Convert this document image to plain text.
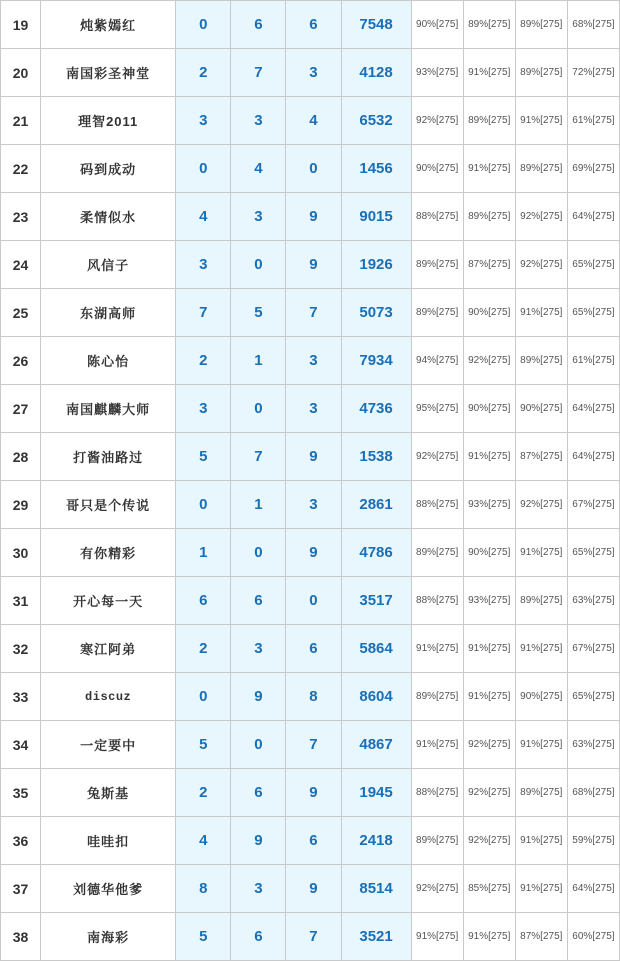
19	炖紫嫣红	0	6	6	7548	90%[275]	89%[275]	89%[275]	68%[275]
20	南国彩圣神堂	2	7	3	4128	93%[275]	91%[275]	89%[275]	72%[275]
21	理智2011	3	3	4	6532	92%[275]	89%[275]	91%[275]	61%[275]
22	码到成动	0	4	0	1456	90%[275]	91%[275]	89%[275]	69%[275]
23	柔情似水	4	3	9	9015	88%[275]	89%[275]	92%[275]	64%[275]
24	风信子	3	0	9	1926	89%[275]	87%[275]	92%[275]	65%[275]
25	东湖高师	7	5	7	5073	89%[275]	90%[275]	91%[275]	65%[275]
26	陈心怡	2	1	3	7934	94%[275]	92%[275]	89%[275]	61%[275]
27	南国麒麟大师	3	0	3	4736	95%[275]	90%[275]	90%[275]	64%[275]
28	打酱油路过	5	7	9	1538	92%[275]	91%[275]	87%[275]	64%[275]
29	哥只是个传说	0	1	3	2861	88%[275]	93%[275]	92%[275]	67%[275]
30	有你精彩	1	0	9	4786	89%[275]	90%[275]	91%[275]	65%[275]
31	开心每一天	6	6	0	3517	88%[275]	93%[275]	89%[275]	63%[275]
32	寒江阿弟	2	3	6	5864	91%[275]	91%[275]	91%[275]	67%[275]
33	discuz	0	9	8	8604	89%[275]	91%[275]	90%[275]	65%[275]
34	一定要中	5	0	7	4867	91%[275]	92%[275]	91%[275]	63%[275]
35	兔斯基	2	6	9	1945	88%[275]	92%[275]	89%[275]	68%[275]
36	哇哇扣	4	9	6	2418	89%[275]	92%[275]	91%[275]	59%[275]
37	刘德华他爹	8	3	9	8514	92%[275]	85%[275]	91%[275]	64%[275]
38	南海彩	5	6	7	3521	91%[275]	91%[275]	87%[275]	60%[275]
